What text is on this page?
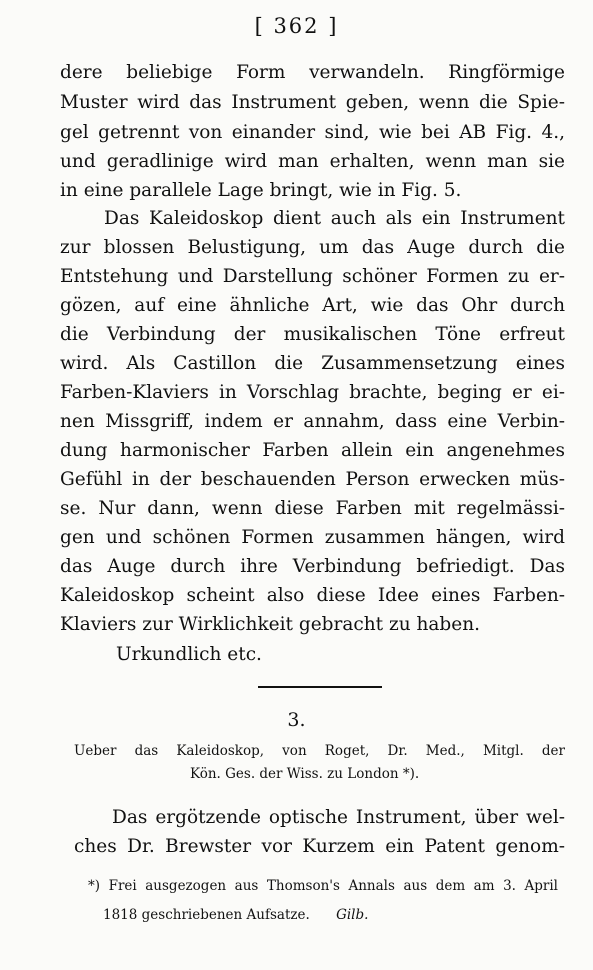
[ 362 ]
dere beliebige Form verwandeln. Ringförmige
Muster wird das Instrument geben, wenn die Spie-
gel getrennt von einander sind, wie bei AB Fig. 4.,
und geradlinige wird man erhalten, wenn man sie
in eine parallele Lage bringt, wie in Fig. 5.
Das Kaleidoskop dient auch als ein Instrument
zur blossen Belustigung, um das Auge durch die
Entstehung und Darstellung schöner Formen zu er-
gözen, auf eine ähnliche Art, wie das Ohr durch
die Verbindung der musikalischen Töne erfreut
wird. Als Castillon die Zusammensetzung eines
Farben-Klaviers in Vorschlag brachte, beging er ei-
nen Missgriff, indem er annahm, dass eine Verbin-
dung harmonischer Farben allein ein angenehmes
Gefühl in der beschauenden Person erwecken müs-
se. Nur dann, wenn diese Farben mit regelmässi-
gen und schönen Formen zusammen hängen, wird
das Auge durch ihre Verbindung befriedigt. Das
Kaleidoskop scheint also diese Idee eines Farben-
Klaviers zur Wirklichkeit gebracht zu haben.
Urkundlich etc.
3.
Ueber das Kaleidoskop, von Roget, Dr. Med., Mitgl. der
Kön. Ges. der Wiss. zu London *).
Das ergötzende optische Instrument, über wel-
ches Dr. Brewster vor Kurzem ein Patent genom-
*) Frei ausgezogen aus Thomson's Annals aus dem am 3. April
1818 geschriebenen Aufsatze. Gilb.
